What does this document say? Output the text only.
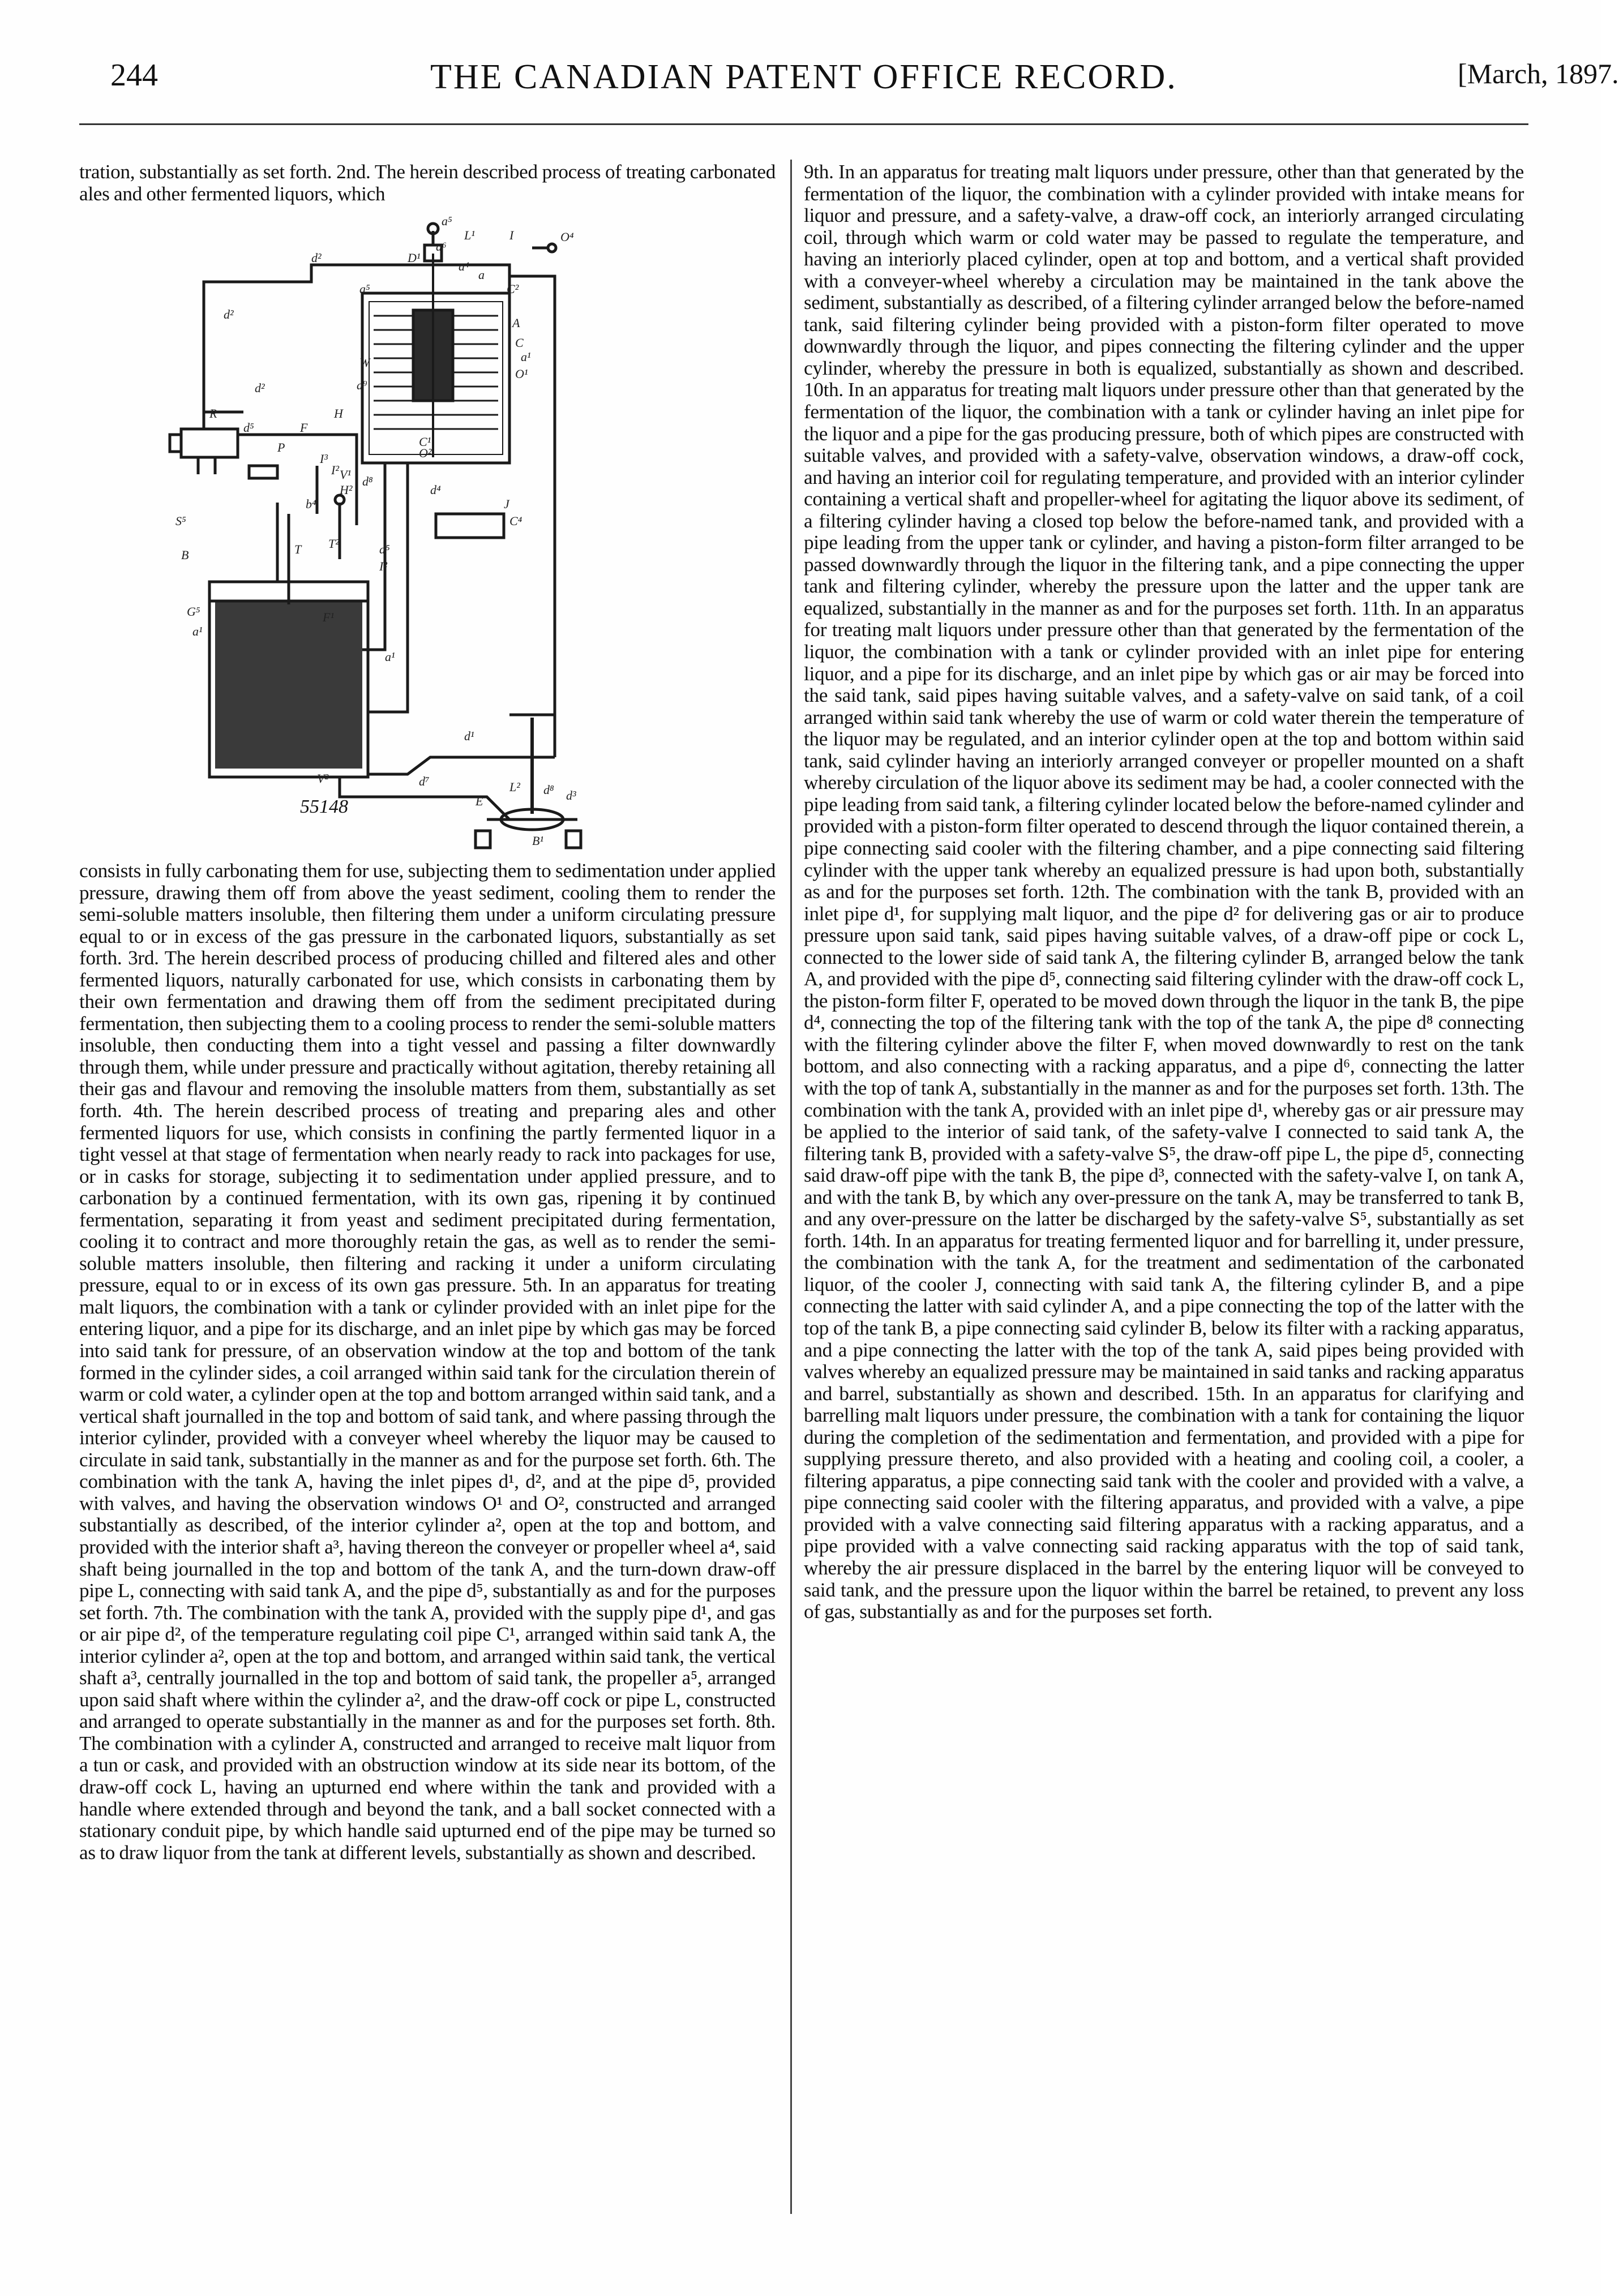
244	THE CANADIAN PATENT OFFICE RECORD.	[March, 1897.
tration, substantially as set forth. 2nd. The herein described process of treating carbonated ales and other fermented liquors, which
55148
a⁵
L¹	I	O⁴
a⁶
d²	D¹
a⁴
a
C²
a⁵
A
C
a¹
O¹
d²
d²	a⁹
C¹
W
H
R
d⁵
P
F
O²
J
C⁴
I³
I² V¹ d⁸
d⁴
b⁴
H²
S⁵
T²
T
I²
B
G⁵
a¹
d⁵
F¹
a¹
V²
d¹
d⁷	L²
E
d⁸ d³
B¹
consists in fully carbonating them for use, subjecting them to sedimentation under applied pressure, drawing them off from above the yeast sediment, cooling them to render the semi-soluble matters insoluble, then filtering them under a uniform circulating pressure equal to or in excess of the gas pressure in the carbonated liquors, substantially as set forth. 3rd. The herein described process of producing chilled and filtered ales and other fermented liquors, naturally carbonated for use, which consists in carbonating them by their own fermentation and drawing them off from the sediment precipitated during fermentation, then subjecting them to a cooling process to render the semi-soluble matters insoluble, then conducting them into a tight vessel and passing a filter downwardly through them, while under pressure and practically without agitation, thereby retaining all their gas and flavour and removing the insoluble matters from them, substantially as set forth. 4th. The herein described process of treating and preparing ales and other fermented liquors for use, which consists in confining the partly fermented liquor in a tight vessel at that stage of fermentation when nearly ready to rack into packages for use, or in casks for storage, subjecting it to sedimentation under applied pressure, and to carbonation by a continued fermentation, with its own gas, ripening it by continued fermentation, separating it from yeast and sediment precipitated during fermentation, cooling it to contract and more thoroughly retain the gas, as well as to render the semi-soluble matters insoluble, then filtering and racking it under a uniform circulating pressure, equal to or in excess of its own gas pressure. 5th. In an apparatus for treating malt liquors, the combination with a tank or cylinder provided with an inlet pipe for the entering liquor, and a pipe for its discharge, and an inlet pipe by which gas may be forced into said tank for pressure, of an observation window at the top and bottom of the tank formed in the cylinder sides, a coil arranged within said tank for the circulation therein of warm or cold water, a cylinder open at the top and bottom arranged within said tank, and a vertical shaft journalled in the top and bottom of said tank, and where passing through the interior cylinder, provided with a conveyer wheel whereby the liquor may be caused to circulate in said tank, substantially in the manner as and for the purpose set forth. 6th. The combination with the tank A, having the inlet pipes d¹, d², and at the pipe d⁵, provided with valves, and having the observation windows O¹ and O², constructed and arranged substantially as described, of the interior cylinder a², open at the top and bottom, and provided with the interior shaft a³, having thereon the conveyer or propeller wheel a⁴, said shaft being journalled in the top and bottom of the tank A, and the turn-down draw-off pipe L, connecting with said tank A, and the pipe d⁵, substantially as and for the purposes set forth. 7th. The combination with the tank A, provided with the supply pipe d¹, and gas or air pipe d², of the temperature regulating coil pipe C¹, arranged within said tank A, the interior cylinder a², open at the top and bottom, and arranged within said tank, the vertical shaft a³, centrally journalled in the top and bottom of said tank, the propeller a⁵, arranged upon said shaft where within the cylinder a², and the draw-off cock or pipe L, constructed and arranged to operate substantially in the manner as and for the purposes set forth. 8th. The combination with a cylinder A, constructed and arranged to receive malt liquor from a tun or cask, and provided with an obstruction window at its side near its bottom, of the draw-off cock L, having an upturned end where within the tank and provided with a handle where extended through and beyond the tank, and a ball socket connected with a stationary conduit pipe, by which handle said upturned end of the pipe may be turned so as to draw liquor from the tank at different levels, substantially as shown and described.
9th. In an apparatus for treating malt liquors under pressure, other than that generated by the fermentation of the liquor, the combination with a cylinder provided with intake means for liquor and pressure, and a safety-valve, a draw-off cock, an interiorly arranged circulating coil, through which warm or cold water may be passed to regulate the temperature, and having an interiorly placed cylinder, open at top and bottom, and a vertical shaft provided with a conveyer-wheel whereby a circulation may be maintained in the tank above the sediment, substantially as described, of a filtering cylinder arranged below the before-named tank, said filtering cylinder being provided with a piston-form filter operated to move downwardly through the liquor, and pipes connecting the filtering cylinder and the upper cylinder, whereby the pressure in both is equalized, substantially as shown and described. 10th. In an apparatus for treating malt liquors under pressure other than that generated by the fermentation of the liquor, the combination with a tank or cylinder having an inlet pipe for the liquor and a pipe for the gas producing pressure, both of which pipes are constructed with suitable valves, and provided with a safety-valve, observation windows, a draw-off cock, and having an interior coil for regulating temperature, and provided with an interior cylinder containing a vertical shaft and propeller-wheel for agitating the liquor above its sediment, of a filtering cylinder having a closed top below the before-named tank, and provided with a pipe leading from the upper tank or cylinder, and having a piston-form filter arranged to be passed downwardly through the liquor in the filtering tank, and a pipe connecting the upper tank and filtering cylinder, whereby the pressure upon the latter and the upper tank are equalized, substantially in the manner as and for the purposes set forth. 11th. In an apparatus for treating malt liquors under pressure other than that generated by the fermentation of the liquor, the combination with a tank or cylinder provided with an inlet pipe for entering liquor, and a pipe for its discharge, and an inlet pipe by which gas or air may be forced into the said tank, said pipes having suitable valves, and a safety-valve on said tank, of a coil arranged within said tank whereby the use of warm or cold water therein the temperature of the liquor may be regulated, and an interior cylinder open at the top and bottom within said tank, said cylinder having an interiorly arranged conveyer or propeller mounted on a shaft whereby circulation of the liquor above its sediment may be had, a cooler connected with the pipe leading from said tank, a filtering cylinder located below the before-named cylinder and provided with a piston-form filter operated to descend through the liquor contained therein, a pipe connecting said cooler with the filtering chamber, and a pipe connecting said filtering cylinder with the upper tank whereby an equalized pressure is had upon both, substantially as and for the purposes set forth. 12th. The combination with the tank B, provided with an inlet pipe d¹, for supplying malt liquor, and the pipe d² for delivering gas or air to produce pressure upon said tank, said pipes having suitable valves, of a draw-off pipe or cock L, connected to the lower side of said tank A, the filtering cylinder B, arranged below the tank A, and provided with the pipe d⁵, connecting said filtering cylinder with the draw-off cock L, the piston-form filter F, operated to be moved down through the liquor in the tank B, the pipe d⁴, connecting the top of the filtering tank with the top of the tank A, the pipe d⁸ connecting with the filtering cylinder above the filter F, when moved downwardly to rest on the tank bottom, and also connecting with a racking apparatus, and a pipe d⁶, connecting the latter with the top of tank A, substantially in the manner as and for the purposes set forth. 13th. The combination with the tank A, provided with an inlet pipe d¹, whereby gas or air pressure may be applied to the interior of said tank, of the safety-valve I connected to said tank A, the filtering tank B, provided with a safety-valve S⁵, the draw-off pipe L, the pipe d⁵, connecting said draw-off pipe with the tank B, the pipe d³, connected with the safety-valve I, on tank A, and with the tank B, by which any over-pressure on the tank A, may be transferred to tank B, and any over-pressure on the latter be discharged by the safety-valve S⁵, substantially as set forth. 14th. In an apparatus for treating fermented liquor and for barrelling it, under pressure, the combination with the tank A, for the treatment and sedimentation of the carbonated liquor, of the cooler J, connecting with said tank A, the filtering cylinder B, and a pipe connecting the latter with said cylinder A, and a pipe connecting the top of the latter with the top of the tank B, a pipe connecting said cylinder B, below its filter with a racking apparatus, and a pipe connecting the latter with the top of the tank A, said pipes being provided with valves whereby an equalized pressure may be maintained in said tanks and racking apparatus and barrel, substantially as shown and described. 15th. In an apparatus for clarifying and barrelling malt liquors under pressure, the combination with a tank for containing the liquor during the completion of the sedimentation and fermentation, and provided with a pipe for supplying pressure thereto, and also provided with a heating and cooling coil, a cooler, a filtering apparatus, a pipe connecting said tank with the cooler and provided with a valve, a pipe connecting said cooler with the filtering apparatus, and provided with a valve, a pipe provided with a valve connecting said filtering apparatus with a racking apparatus, and a pipe provided with a valve connecting said racking apparatus with the top of said tank, whereby the air pressure displaced in the barrel by the entering liquor will be conveyed to said tank, and the pressure upon the liquor within the barrel be retained, to prevent any loss of gas, substantially as and for the purposes set forth.
